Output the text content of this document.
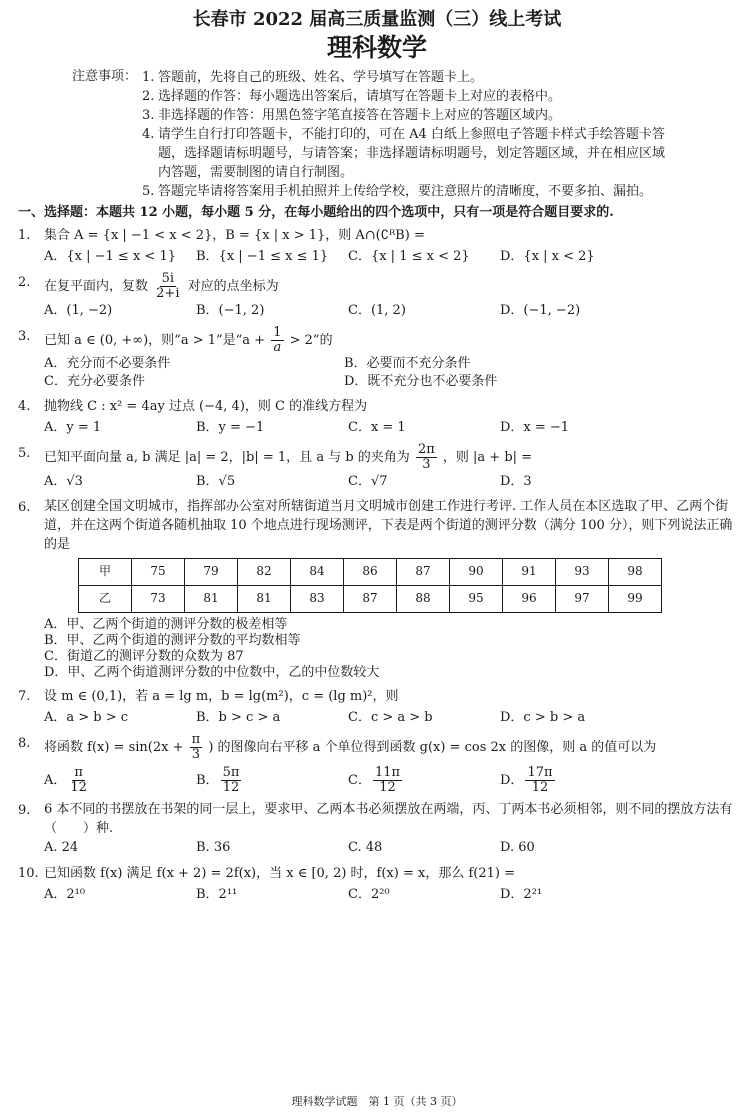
长春市 2022 届高三质量监测（三）线上考试
理科数学
注意事项： 1. 答题前，先将自己的班级、姓名、学号填写在答题卡上。
2. 选择题的作答：每小题选出答案后，请填写在答题卡上对应的表格中。
3. 非选择题的作答：用黑色签字笔直接答在答题卡上对应的答题区域内。
4. 请学生自行打印答题卡，不能打印的，可在 A4 白纸上参照电子答题卡样式手绘答题卡答题，选择题请标明题号，与请答案；非选择题请标明题号，划定答题区域，并在相应区域内答题，需要制图的请自行制图。
5. 答题完毕请将答案用手机拍照并上传给学校，要注意照片的清晰度，不要多拍、漏拍。
一、选择题：本题共 12 小题，每小题 5 分，在每小题给出的四个选项中，只有一项是符合题目要求的.
1.	集合 A = {x | −1 < x < 2}，B = {x | x > 1}，则 A∩(∁ᴿB) =
A．{x | −1 ≤ x < 1}	B．{x | −1 ≤ x ≤ 1}	C．{x | 1 ≤ x < 2}	D．{x | x < 2}
2.	在复平面内，复数 $\frac{5i}{2+i}$ 对应的点坐标为
A．(1, −2)	B．(−1, 2)	C．(1, 2)	D．(−1, −2)
3.	已知 a ∈ (0, +∞)，则“a > 1”是“$a + \frac{1}{a} > 2$”的
A．充分而不必要条件	B．必要而不充分条件
C．充分必要条件	D．既不充分也不必要条件
4.	抛物线 C : x² = 4ay 过点 (−4, 4)，则 C 的准线方程为
A．y = 1	B．y = −1	C．x = 1	D．x = −1
5.	已知平面向量 a, b 满足 |a| = 2，|b| = 1，且 a 与 b 的夹角为 $\frac{2\pi}{3}$ ，则 |a + b| =
A．√3	B．√5	C．√7	D．3
6.	某区创建全国文明城市，指挥部办公室对所辖街道当月文明城市创建工作进行考评. 工作人员在本区选取了甲、乙两个街道，并在这两个街道各随机抽取 10 个地点进行现场测评，下表是两个街道的测评分数（满分 100 分），则下列说法正确的是
甲	75	79	82	84	86	87	90	91	93	98
乙	73	81	81	83	87	88	95	96	97	99
A．甲、乙两个街道的测评分数的极差相等
B．甲、乙两个街道的测评分数的平均数相等
C．街道乙的测评分数的众数为 87
D．甲、乙两个街道测评分数的中位数中，乙的中位数较大
7.	设 m ∈ (0,1)，若 a = lg m，b = lg(m²)，c = (lg m)²，则
A．a > b > c	B．b > c > a	C．c > a > b	D．c > b > a
8.	将函数 $f(x) = \sin(2x + \frac{\pi}{3}$ ) 的图像向右平移 a 个单位得到函数 g(x) = cos 2x 的图像，则 a 的值可以为
A． $\frac{\pi}{12}$	B． $\frac{5\pi}{12}$	C． $\frac{11\pi}{12}$	D． $\frac{17\pi}{12}$
9.	6 本不同的书摆放在书架的同一层上，要求甲、乙两本书必须摆放在两端，丙、丁两本书必须相邻，则不同的摆放方法有（　　）种.
A. 24	B. 36	C. 48	D. 60
10. 已知函数 f(x) 满足 f(x + 2) = 2f(x)，当 x ∈ [0, 2) 时，f(x) = x，那么 f(21) =
A．2¹⁰	B．2¹¹	C．2²⁰	D．2²¹
理科数学试题　第 1 页（共 3 页）
